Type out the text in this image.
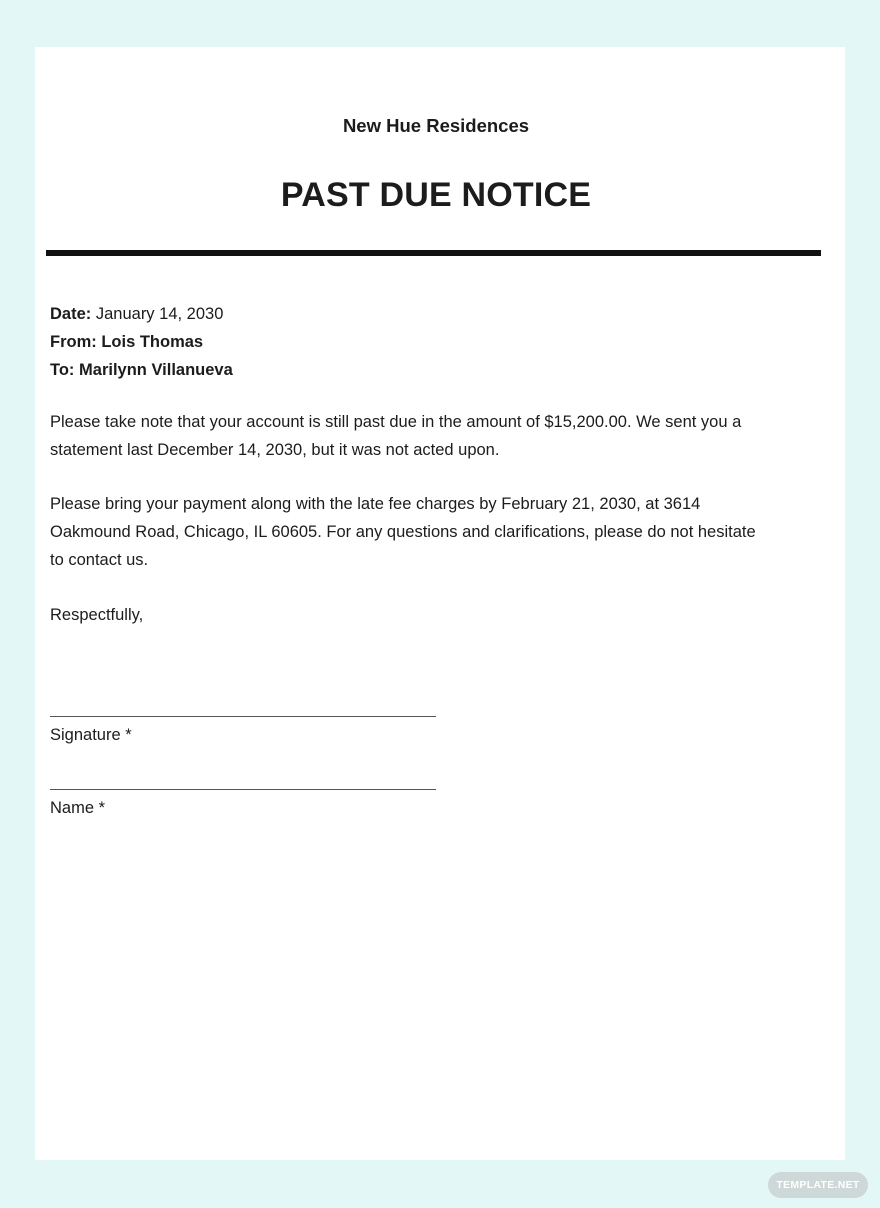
New Hue Residences
PAST DUE NOTICE
Date: January 14, 2030
From: Lois Thomas
To: Marilynn Villanueva
Please take note that your account is still past due in the amount of $15,200.00. We sent you a
statement last December 14, 2030, but it was not acted upon.
Please bring your payment along with the late fee charges by February 21, 2030, at 3614
Oakmound Road, Chicago, IL 60605. For any questions and clarifications, please do not hesitate
to contact us.
Respectfully,
Signature *
Name *
TEMPLATE.NET
